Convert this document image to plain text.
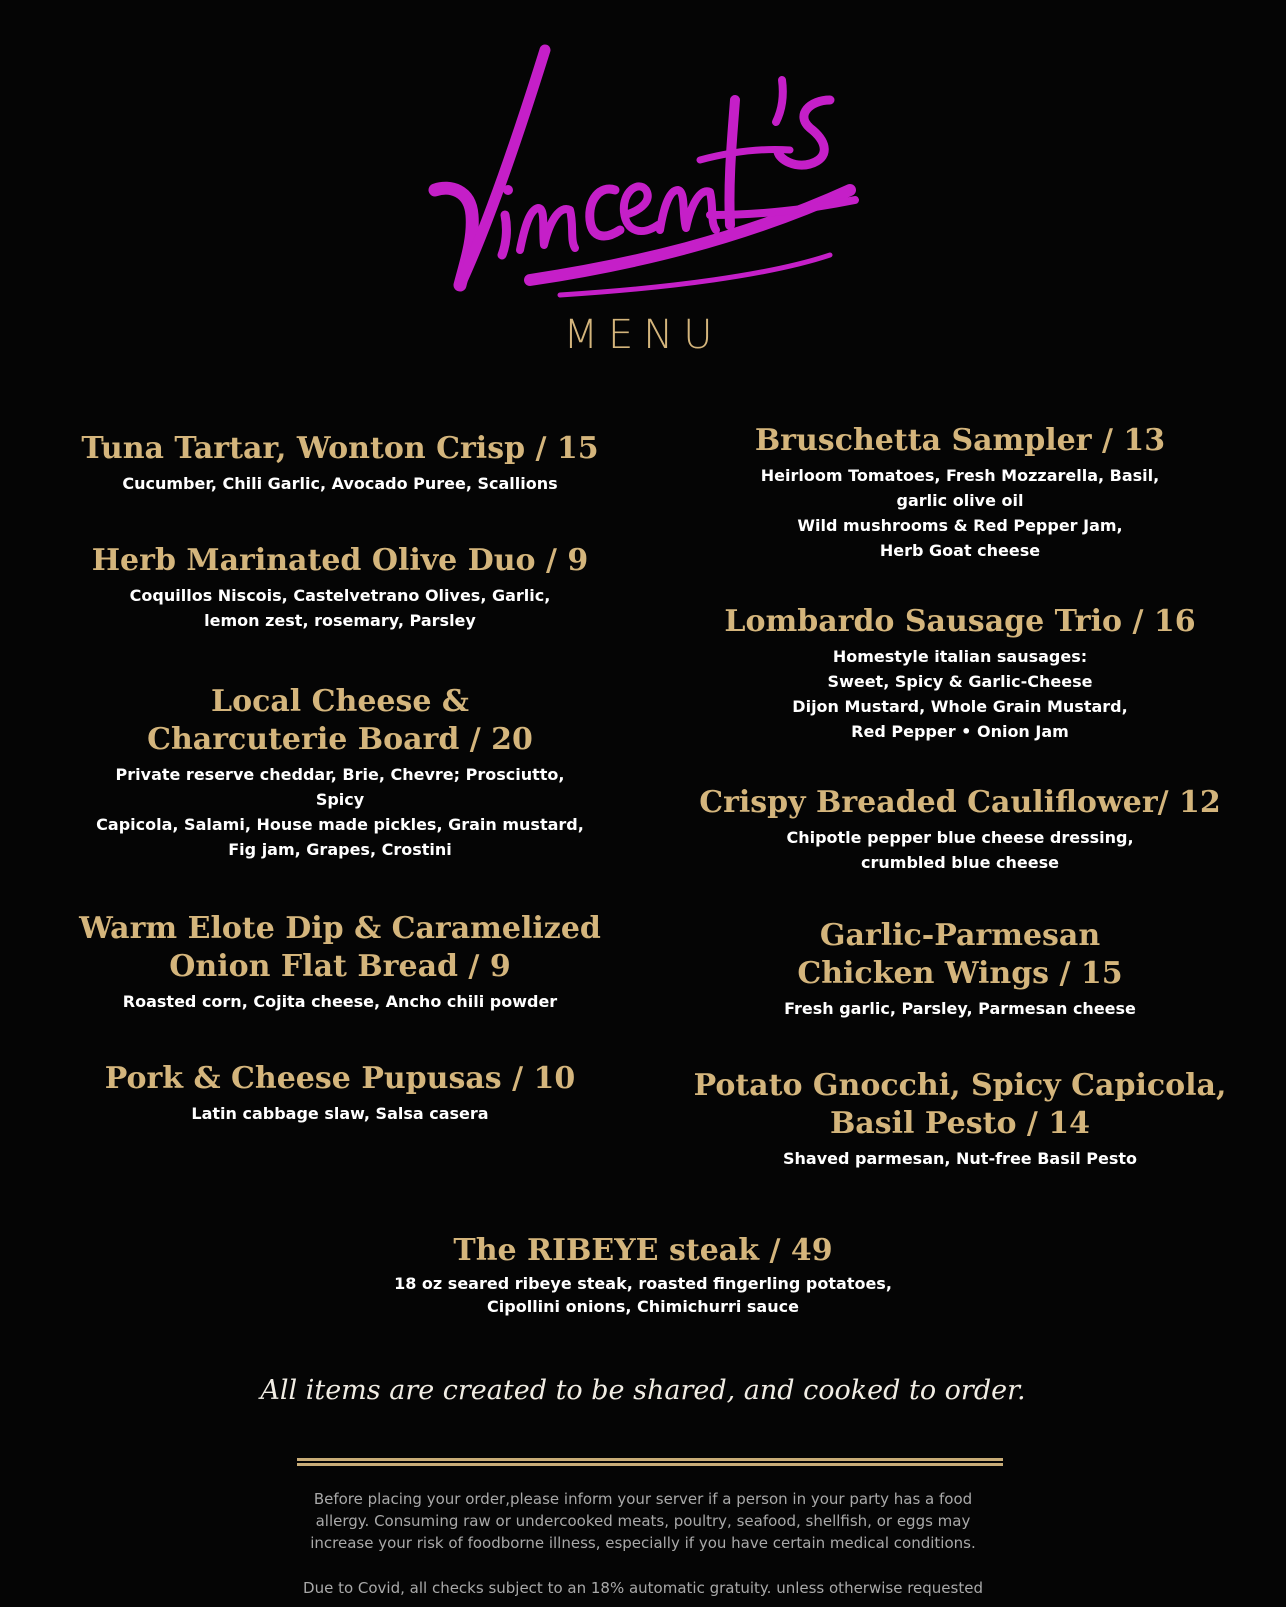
MENU
Tuna Tartar, Wonton Crisp / 15
Cucumber, Chili Garlic, Avocado Puree, Scallions
Herb Marinated Olive Duo / 9
Coquillos Niscois, Castelvetrano Olives, Garlic,
lemon zest, rosemary, Parsley
Local Cheese &
Charcuterie Board / 20
Private reserve cheddar, Brie, Chevre; Prosciutto,
Spicy
Capicola, Salami, House made pickles, Grain mustard,
Fig jam, Grapes, Crostini
Warm Elote Dip & Caramelized
Onion Flat Bread / 9
Roasted corn, Cojita cheese, Ancho chili powder
Pork & Cheese Pupusas / 10
Latin cabbage slaw, Salsa casera
Bruschetta Sampler / 13
Heirloom Tomatoes, Fresh Mozzarella, Basil,
garlic olive oil
Wild mushrooms & Red Pepper Jam,
Herb Goat cheese
Lombardo Sausage Trio / 16
Homestyle italian sausages:
Sweet, Spicy & Garlic-Cheese
Dijon Mustard, Whole Grain Mustard,
Red Pepper • Onion Jam
Crispy Breaded Cauliflower/ 12
Chipotle pepper blue cheese dressing,
crumbled blue cheese
Garlic-Parmesan
Chicken Wings / 15
Fresh garlic, Parsley, Parmesan cheese
Potato Gnocchi, Spicy Capicola,
Basil Pesto / 14
Shaved parmesan, Nut-free Basil Pesto
The RIBEYE steak / 49
18 oz seared ribeye steak, roasted fingerling potatoes,
Cipollini onions, Chimichurri sauce
All items are created to be shared, and cooked to order.
Before placing your order,please inform your server if a person in your party has a food
allergy. Consuming raw or undercooked meats, poultry, seafood, shellfish, or eggs may
increase your risk of foodborne illness, especially if you have certain medical conditions.
Due to Covid, all checks subject to an 18% automatic gratuity. unless otherwise requested
